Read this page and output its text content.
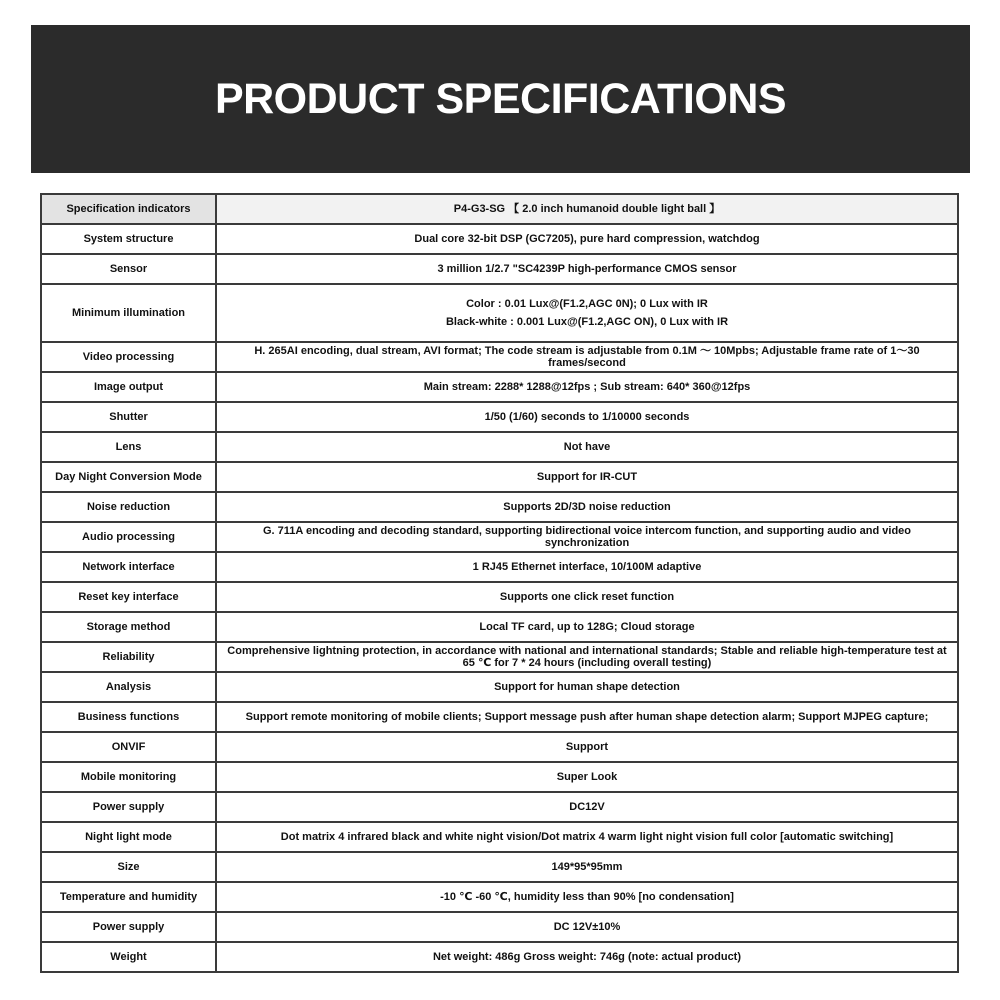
PRODUCT SPECIFICATIONS
Specification indicators	P4-G3-SG 【 2.0 inch humanoid double light ball 】
System structure	Dual core 32-bit DSP (GC7205), pure hard compression, watchdog
Sensor	3 million 1/2.7 "SC4239P high-performance CMOS sensor
Minimum illumination	Color : 0.01 Lux@(F1.2,AGC 0N); 0 Lux with IR
Black-white : 0.001 Lux@(F1.2,AGC ON), 0 Lux with IR

Video processing	H. 265AI encoding, dual stream, AVI format; The code stream is adjustable from 0.1M ～ 10Mpbs; Adjustable frame rate of 1～30 frames/second
Image output	Main stream: 2288* 1288@12fps ; Sub stream: 640* 360@12fps
Shutter	1/50 (1/60) seconds to 1/10000 seconds
Lens	Not have
Day Night Conversion Mode	Support for IR-CUT
Noise reduction	Supports 2D/3D noise reduction
Audio processing	G. 711A encoding and decoding standard, supporting bidirectional voice intercom function, and supporting audio and video synchronization
Network interface	1 RJ45 Ethernet interface, 10/100M adaptive
Reset key interface	Supports one click reset function
Storage method	Local TF card, up to 128G; Cloud storage
Reliability	Comprehensive lightning protection, in accordance with national and international standards; Stable and reliable high-temperature test at 65 ℃ for 7 * 24 hours (including overall testing)
Analysis	Support for human shape detection
Business functions	Support remote monitoring of mobile clients; Support message push after human shape detection alarm; Support MJPEG capture;
ONVIF	Support
Mobile monitoring	Super Look
Power supply	DC12V
Night light mode	Dot matrix 4 infrared black and white night vision/Dot matrix 4 warm light night vision full color [automatic switching]
Size	149*95*95mm
Temperature and humidity	-10 ℃ -60 ℃, humidity less than 90% [no condensation]
Power supply	DC 12V±10%
Weight	Net weight: 486g Gross weight: 746g (note: actual product)
